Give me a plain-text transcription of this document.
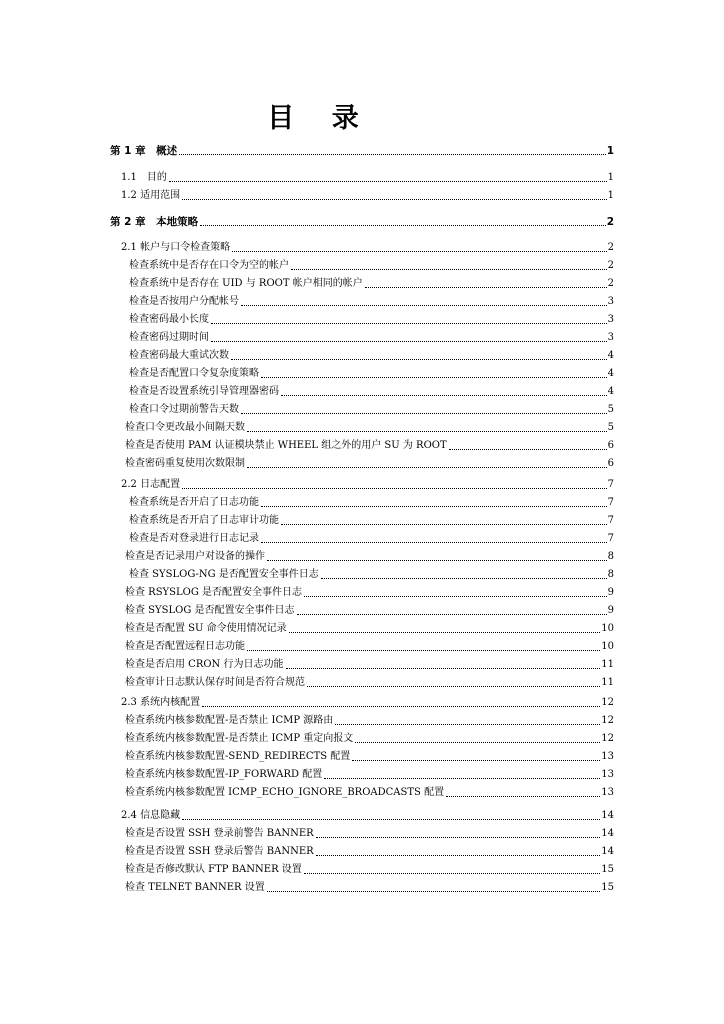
目 录
第 1 章　概述	1
1.1　目的	1
1.2 适用范围	1
第 2 章　本地策略	2
2.1 帐户与口令检查策略	2
检查系统中是否存在口令为空的帐户	2
检查系统中是否存在 UID 与 ROOT 帐户相同的帐户	2
检查是否按用户分配帐号	3
检查密码最小长度	3
检查密码过期时间	3
检查密码最大重试次数	4
检查是否配置口令复杂度策略	4
检查是否设置系统引导管理器密码	4
检查口令过期前警告天数	5
检查口令更改最小间隔天数	5
检查是否使用 PAM 认证模块禁止 WHEEL 组之外的用户 SU 为 ROOT	6
检查密码重复使用次数限制	6
2.2 日志配置	7
检查系统是否开启了日志功能	7
检查系统是否开启了日志审计功能	7
检查是否对登录进行日志记录	7
检查是否记录用户对设备的操作	8
检查 SYSLOG-NG 是否配置安全事件日志	8
检查 RSYSLOG 是否配置安全事件日志	9
检查 SYSLOG 是否配置安全事件日志	9
检查是否配置 SU 命令使用情况记录	10
检查是否配置远程日志功能	10
检查是否启用 CRON 行为日志功能	11
检查审计日志默认保存时间是否符合规范	11
2.3 系统内核配置	12
检查系统内核参数配置-是否禁止 ICMP 源路由	12
检查系统内核参数配置-是否禁止 ICMP 重定向报文	12
检查系统内核参数配置-SEND_REDIRECTS 配置	13
检查系统内核参数配置-IP_FORWARD 配置	13
检查系统内核参数配置 ICMP_ECHO_IGNORE_BROADCASTS 配置	13
2.4 信息隐藏	14
检查是否设置 SSH 登录前警告 BANNER	14
检查是否设置 SSH 登录后警告 BANNER	14
检查是否修改默认 FTP BANNER 设置	15
检查 TELNET BANNER 设置	15
